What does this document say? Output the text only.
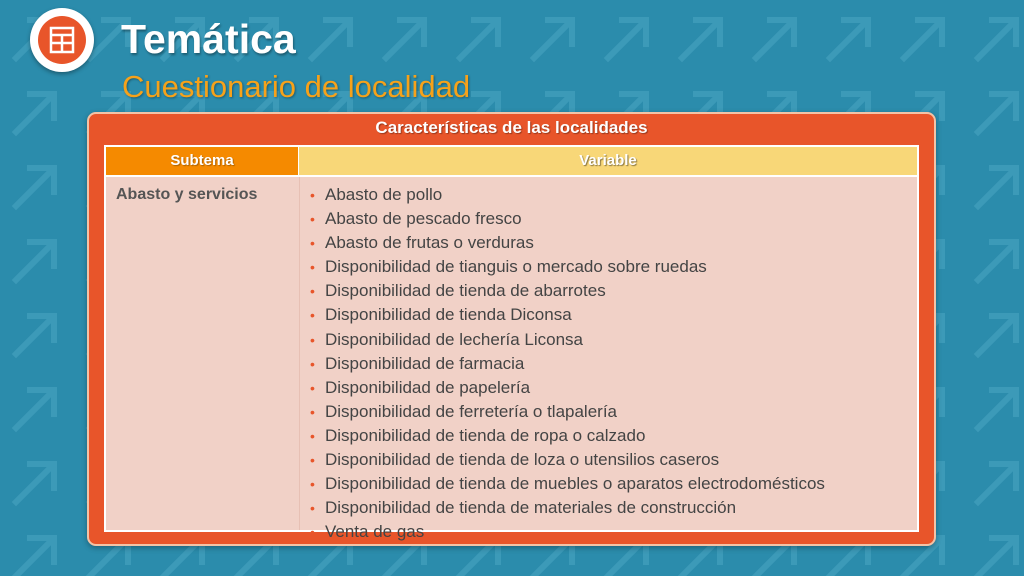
Temática
Cuestionario de localidad
Características de las localidades
Subtema	Variable
Abasto y servicios	• Abasto de pollo
• Abasto de pescado fresco
• Abasto de frutas o verduras
• Disponibilidad de tianguis o mercado sobre ruedas
• Disponibilidad de tienda de abarrotes
• Disponibilidad de tienda Diconsa
• Disponibilidad de lechería Liconsa
• Disponibilidad de farmacia
• Disponibilidad de papelería
• Disponibilidad de ferretería o tlapalería
• Disponibilidad de tienda de ropa o calzado
• Disponibilidad de tienda de loza o utensilios caseros
• Disponibilidad de tienda de muebles o aparatos electrodomésticos
• Disponibilidad de tienda de materiales de construcción
• Venta de gas
